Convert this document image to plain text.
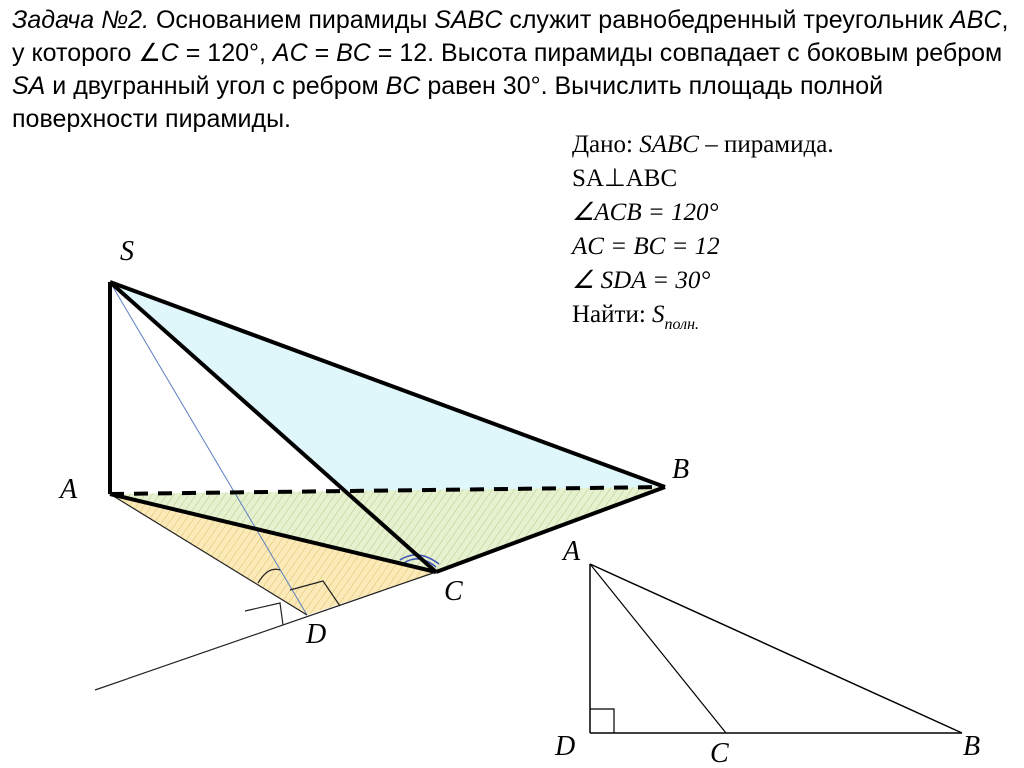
Задача №2. Основанием пирамиды SABC служит равнобедренный треугольник ABC, у которого ∠C = 120°, AC = BC = 12. Высота пирамиды совпадает с боковым ребром SA и двугранный угол с ребром BC равен 30°. Вычислить площадь полной поверхности пирамиды.
S
A
B
C
D
A
D	C	B
Дано: SABC – пирамида.
SA⊥ABC
∠ACB = 120°
AC = BC = 12
∠ SDA = 30°
Найти: $S_{полн.}$
